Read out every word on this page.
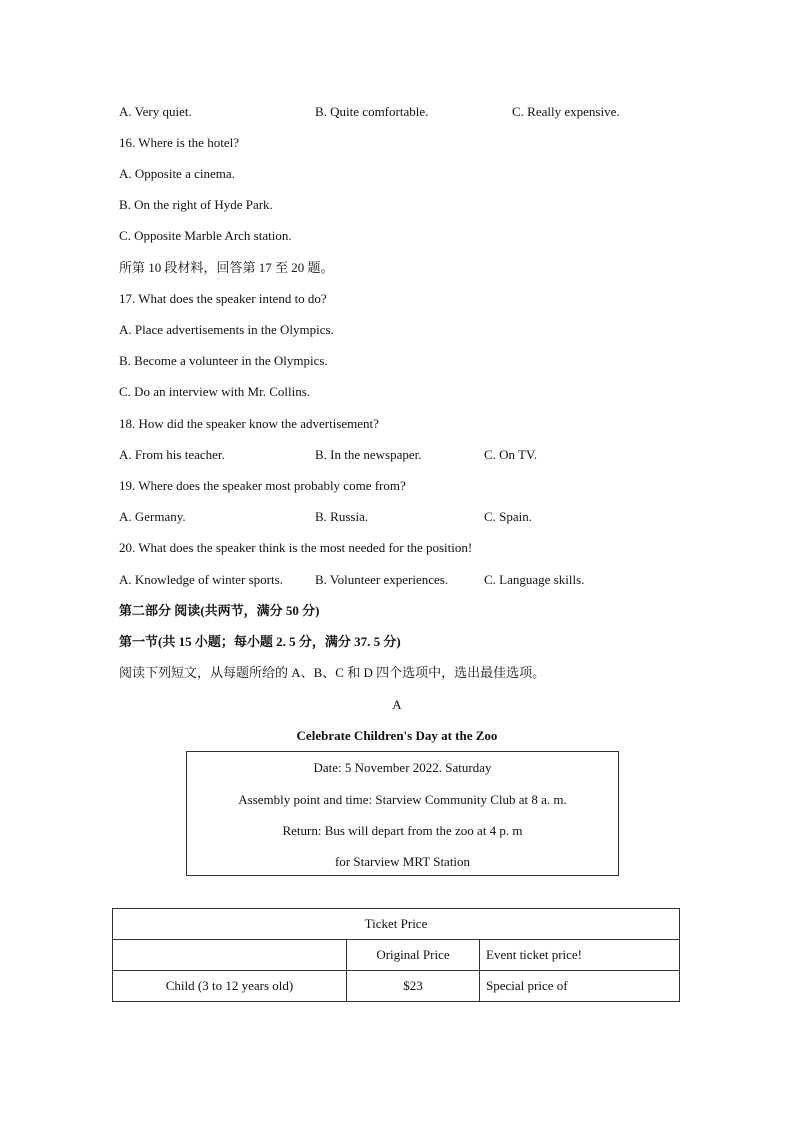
A. Very quiet.	B. Quite comfortable.	C. Really expensive.
16. Where is the hotel?
A. Opposite a cinema.
B. On the right of Hyde Park.
C. Opposite Marble Arch station.
所第 10 段材料，回答第 17 至 20 题。
17. What does the speaker intend to do?
A. Place advertisements in the Olympics.
B. Become a volunteer in the Olympics.
C. Do an interview with Mr. Collins.
18. How did the speaker know the advertisement?
A. From his teacher.	B. In the newspaper.	C. On TV.
19. Where does the speaker most probably come from?
A. Germany.	B. Russia.	C. Spain.
20. What does the speaker think is the most needed for the position!
A. Knowledge of winter sports. B. Volunteer experiences.	C. Language skills.
第二部分 阅读(共两节，满分 50 分)
第一节(共 15 小题；每小题 2. 5 分，满分 37. 5 分)
阅读下列短文，从每题所给的 A、B、C 和 D 四个选项中，选出最佳选项。
A
Celebrate Children's Day at the Zoo
Date: 5 November 2022. Saturday
Assembly point and time: Starview Community Club at 8 a. m.
Return: Bus will depart from the zoo at 4 p. m
for Starview MRT Station
Ticket Price		
	Original Price	Event ticket price!
Child (3 to 12 years old)	$23	Special price of
